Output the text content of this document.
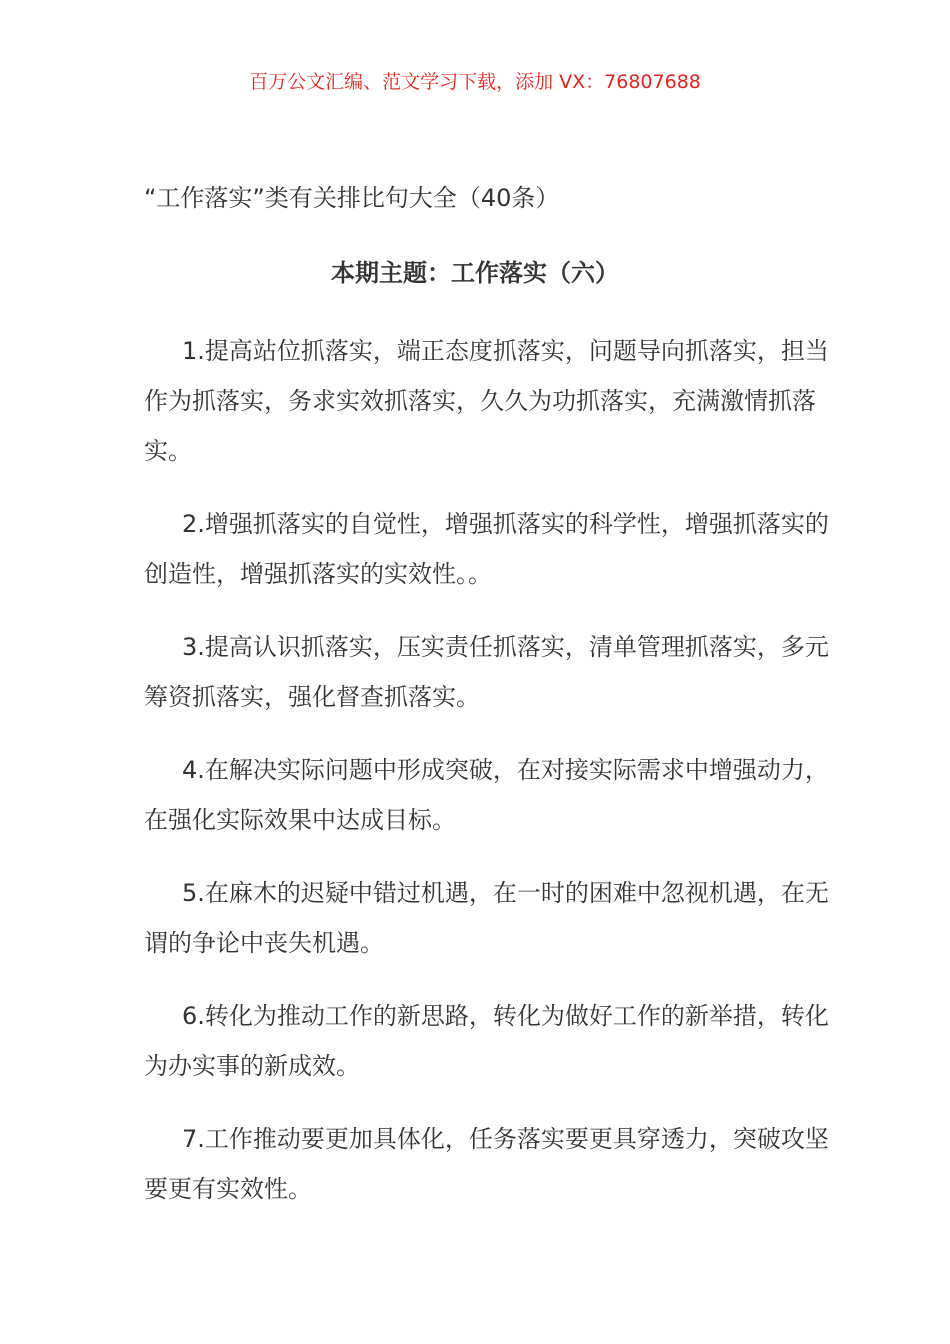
百万公文汇编、范文学习下载，添加 VX：76807688
“工作落实”类有关排比句大全（40条）
本期主题：工作落实（六）

1.提高站位抓落实，端正态度抓落实，问题导向抓落实，担当作为抓落实，务求实效抓落实，久久为功抓落实，充满激情抓落实。

2.增强抓落实的自觉性，增强抓落实的科学性，增强抓落实的创造性，增强抓落实的实效性。。

3.提高认识抓落实，压实责任抓落实，清单管理抓落实，多元筹资抓落实，强化督查抓落实。

4.在解决实际问题中形成突破，在对接实际需求中增强动力，在强化实际效果中达成目标。

5.在麻木的迟疑中错过机遇，在一时的困难中忽视机遇，在无谓的争论中丧失机遇。

6.转化为推动工作的新思路，转化为做好工作的新举措，转化为办实事的新成效。

7.工作推动要更加具体化，任务落实要更具穿透力，突破攻坚要更有实效性。
